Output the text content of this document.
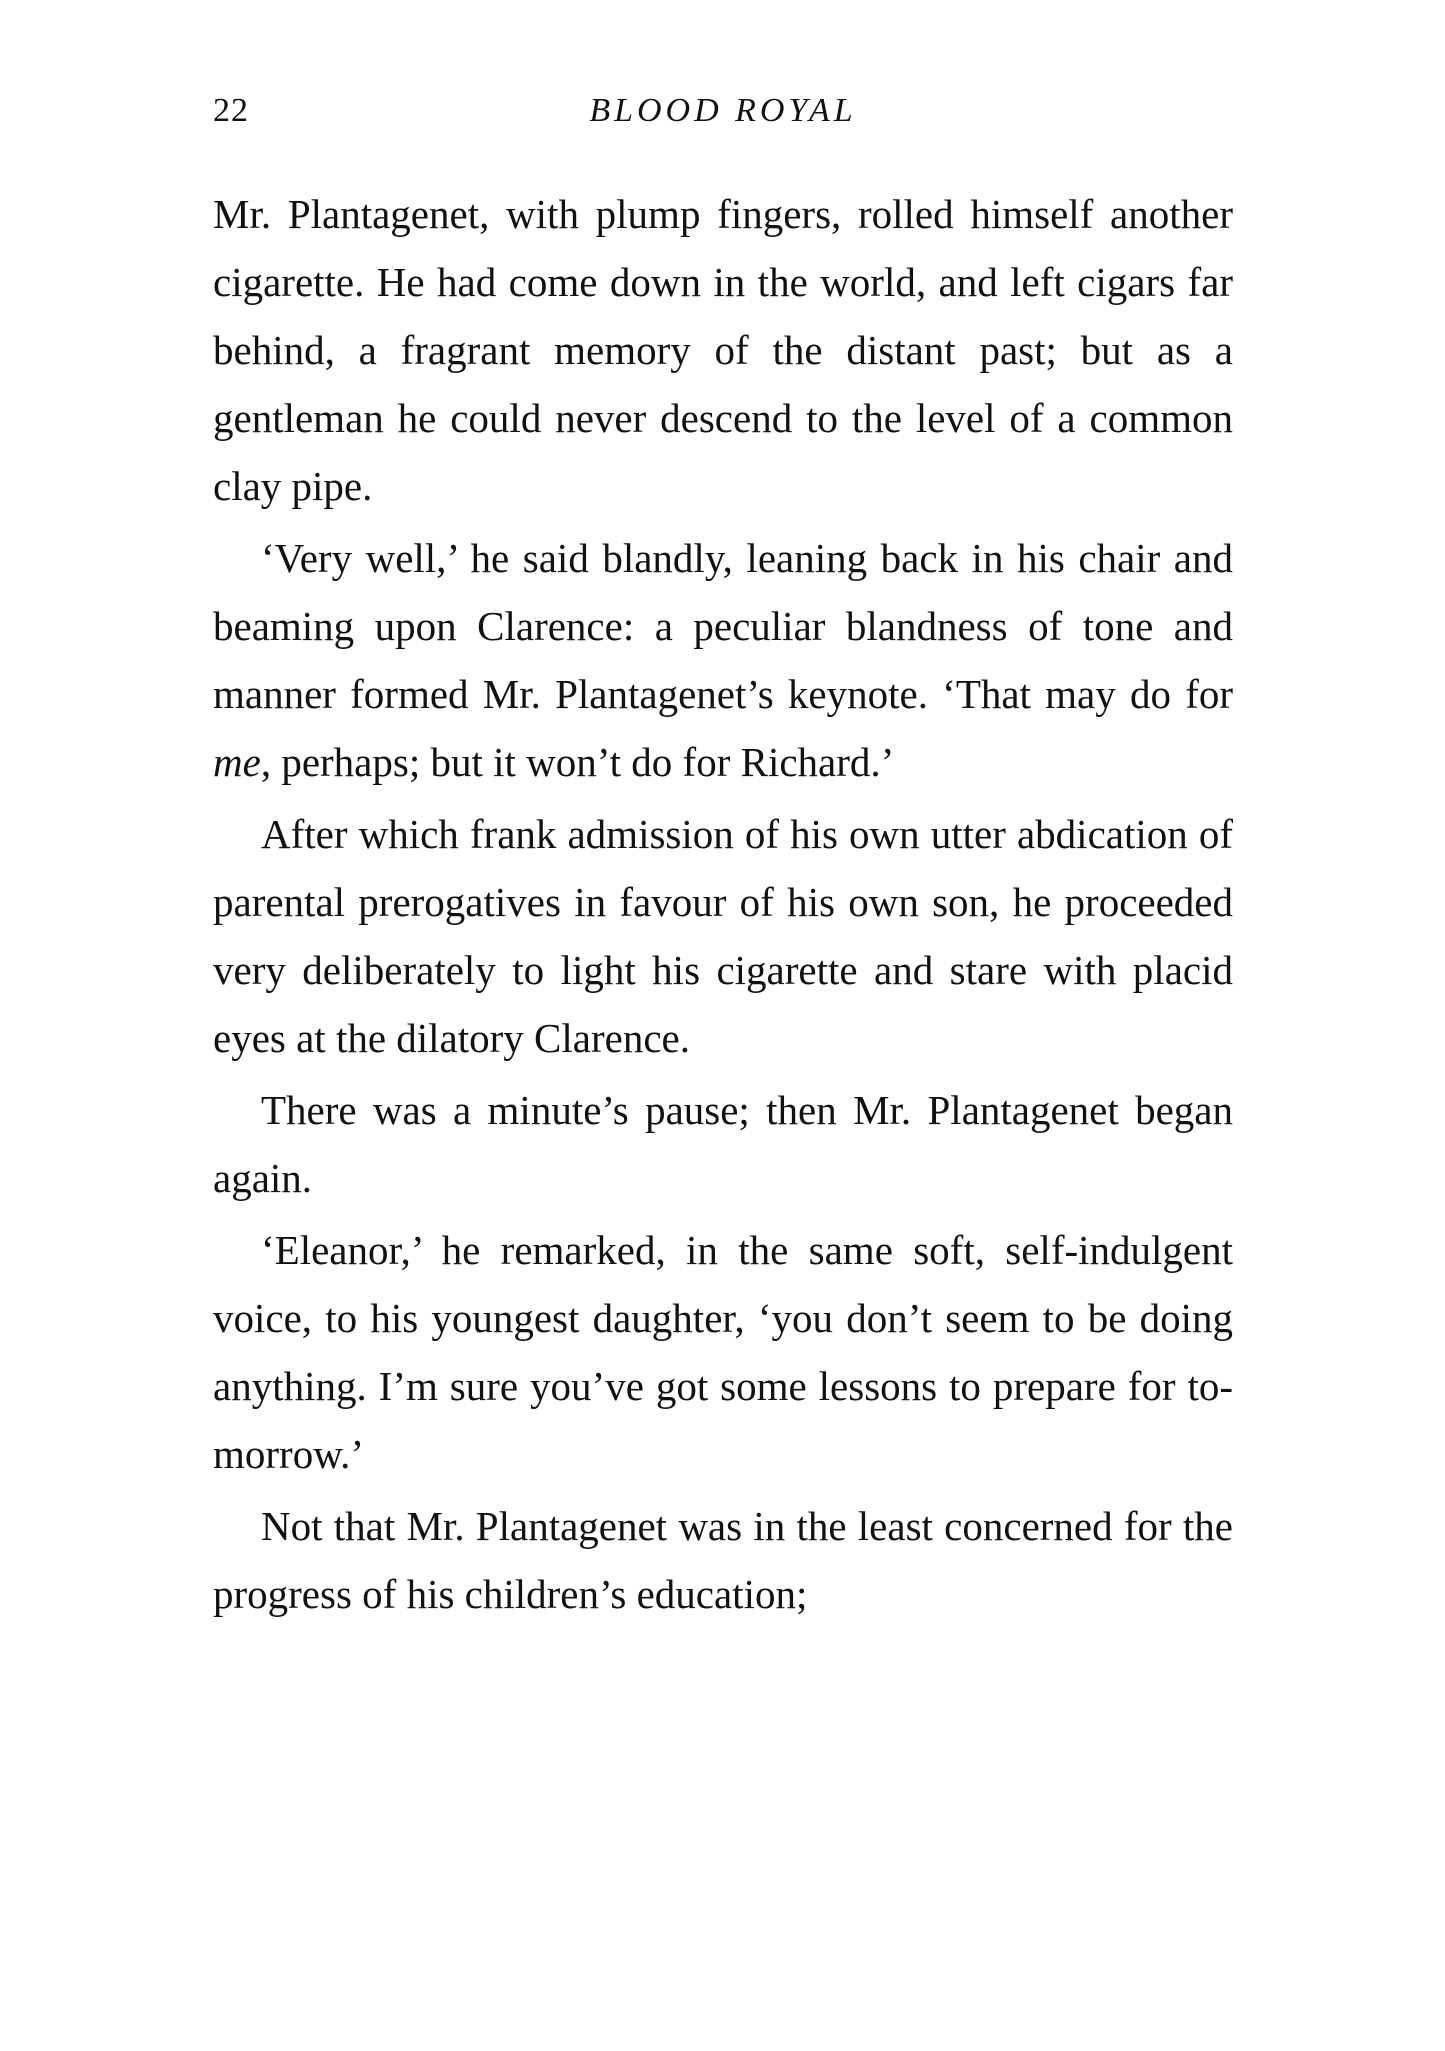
22	BLOOD ROYAL

Mr. Plantagenet, with plump fingers, rolled himself another cigarette. He had come down in the world, and left cigars far behind, a fragrant memory of the distant past; but as a gentleman he could never descend to the level of a common clay pipe.

‘Very well,’ he said blandly, leaning back in his chair and beaming upon Clarence: a peculiar blandness of tone and manner formed Mr. Plantagenet’s keynote. ‘That may do for me, perhaps; but it won’t do for Richard.’

After which frank admission of his own utter abdication of parental prerogatives in favour of his own son, he proceeded very deliberately to light his cigarette and stare with placid eyes at the dilatory Clarence.

There was a minute’s pause; then Mr. Plantagenet began again.

‘Eleanor,’ he remarked, in the same soft, self-indulgent voice, to his youngest daughter, ‘you don’t seem to be doing anything. I’m sure you’ve got some lessons to prepare for to-morrow.’

Not that Mr. Plantagenet was in the least concerned for the progress of his children’s education;
